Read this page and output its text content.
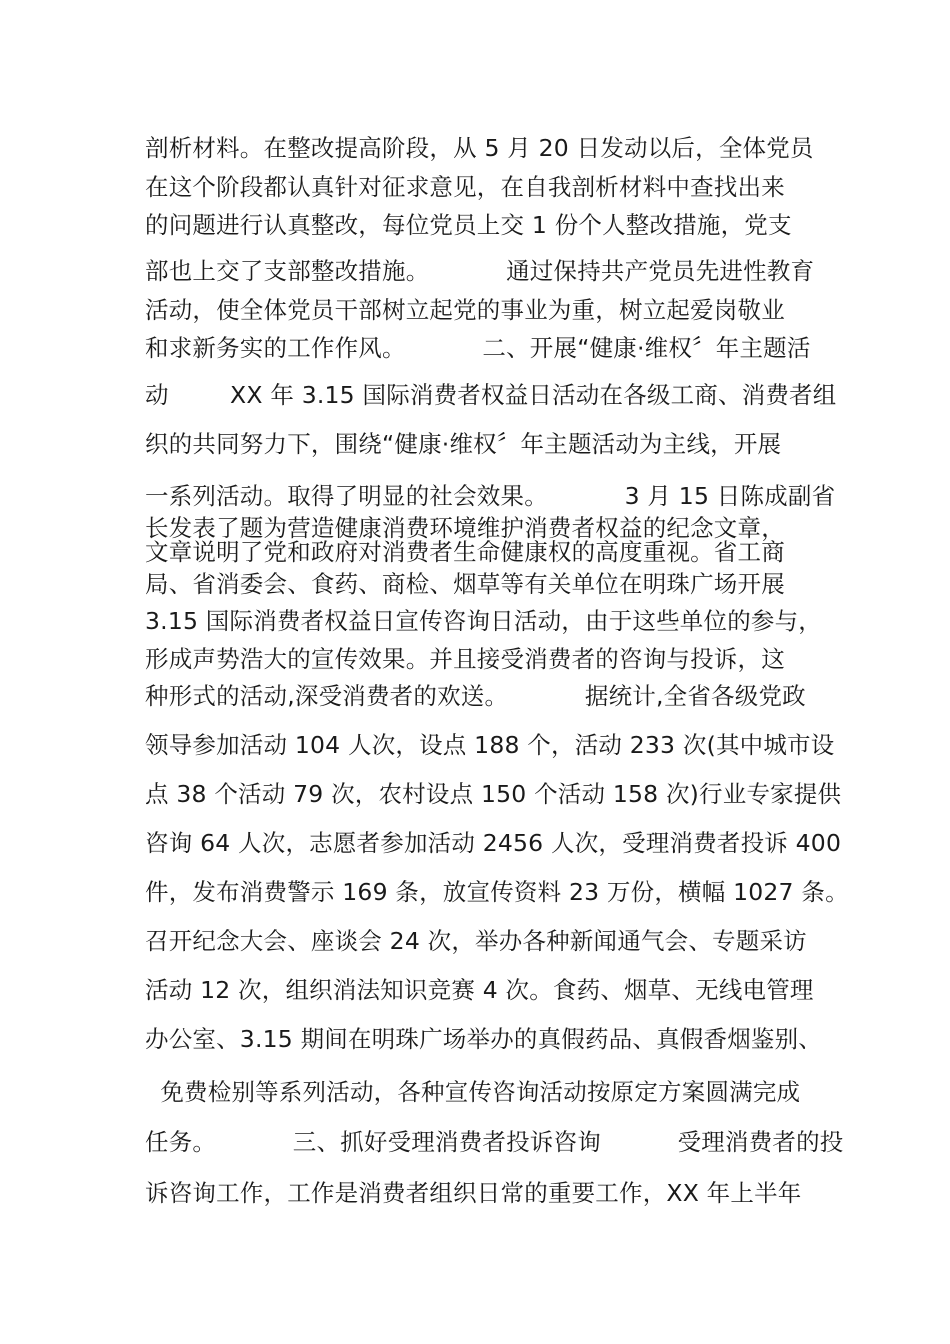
剖析材料。在整改提高阶段，从 5 月 20 日发动以后，全体党员
在这个阶段都认真针对征求意见，在自我剖析材料中查找出来
的问题进行认真整改，每位党员上交 1 份个人整改措施，党支
部也上交了支部整改措施。          通过保持共产党员先进性教育
活动，使全体党员干部树立起党的事业为重，树立起爱岗敬业
和求新务实的工作作风。          二、开展“健康·维权〞年主题活
动        XX 年 3.15 国际消费者权益日活动在各级工商、消费者组
织的共同努力下，围绕“健康·维权〞年主题活动为主线，开展
一系列活动。取得了明显的社会效果。          3 月 15 日陈成副省
长发表了题为营造健康消费环境维护消费者权益的纪念文章，
文章说明了党和政府对消费者生命健康权的高度重视。省工商
局、省消委会、食药、商检、烟草等有关单位在明珠广场开展
3.15 国际消费者权益日宣传咨询日活动，由于这些单位的参与，
形成声势浩大的宣传效果。并且接受消费者的咨询与投诉，这
种形式的活动,深受消费者的欢送。          据统计,全省各级党政
领导参加活动 104 人次，设点 188 个，活动 233 次(其中城市设
点 38 个活动 79 次，农村设点 150 个活动 158 次)行业专家提供
咨询 64 人次，志愿者参加活动 2456 人次，受理消费者投诉 400
件，发布消费警示 169 条，放宣传资料 23 万份，横幅 1027 条。
召开纪念大会、座谈会 24 次，举办各种新闻通气会、专题采访
活动 12 次，组织消法知识竞赛 4 次。食药、烟草、无线电管理
办公室、3.15 期间在明珠广场举办的真假药品、真假香烟鉴别、
免费检别等系列活动，各种宣传咨询活动按原定方案圆满完成
任务。          三、抓好受理消费者投诉咨询          受理消费者的投
诉咨询工作，工作是消费者组织日常的重要工作，XX 年上半年
